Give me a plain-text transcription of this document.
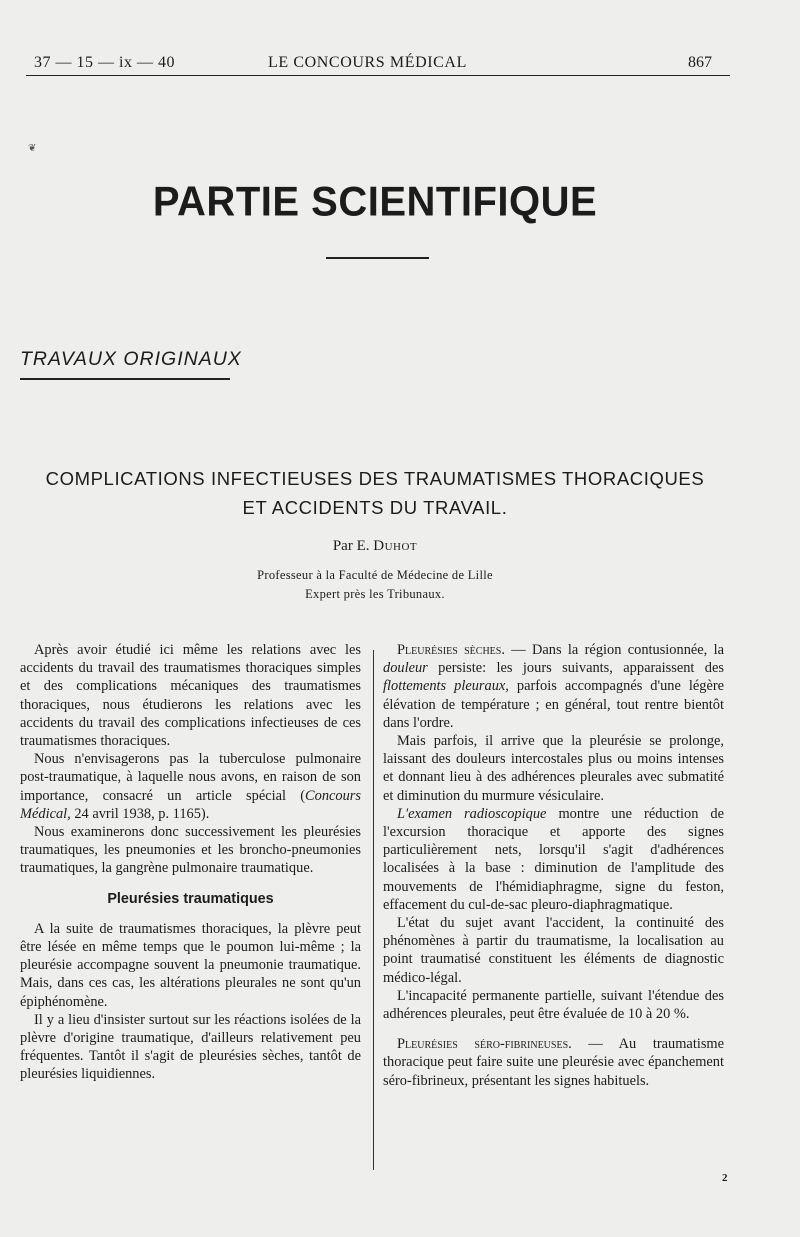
37 — 15 — ix — 40	LE CONCOURS MÉDICAL	867
❦
PARTIE SCIENTIFIQUE
TRAVAUX ORIGINAUX
COMPLICATIONS INFECTIEUSES DES TRAUMATISMES THORACIQUES
ET ACCIDENTS DU TRAVAIL.
Par E. Duhot
Professeur à la Faculté de Médecine de Lille
Expert près les Tribunaux.

Après avoir étudié ici même les relations avec les accidents du travail des traumatismes thoraciques simples et des complications mécaniques des traumatismes thoraciques, nous étudierons les relations avec les accidents du travail des complications infectieuses de ces traumatismes thoraciques.

Nous n'envisagerons pas la tuberculose pulmonaire post-traumatique, à laquelle nous avons, en raison de son importance, consacré un article spécial (Concours Médical, 24 avril 1938, p. 1165).

Nous examinerons donc successivement les pleurésies traumatiques, les pneumonies et les broncho-pneumonies traumatiques, la gangrène pulmonaire traumatique.

Pleurésies traumatiques

A la suite de traumatismes thoraciques, la plèvre peut être lésée en même temps que le poumon lui-même ; la pleurésie accompagne souvent la pneumonie traumatique. Mais, dans ces cas, les altérations pleurales ne sont qu'un épiphénomène.

Il y a lieu d'insister surtout sur les réactions isolées de la plèvre d'origine traumatique, d'ailleurs relativement peu fréquentes. Tantôt il s'agit de pleurésies sèches, tantôt de pleurésies liquidiennes.

Pleurésies sèches. — Dans la région contusionnée, la douleur persiste: les jours suivants, apparaissent des flottements pleuraux, parfois accompagnés d'une légère élévation de température ; en général, tout rentre bientôt dans l'ordre.

Mais parfois, il arrive que la pleurésie se prolonge, laissant des douleurs intercostales plus ou moins intenses et donnant lieu à des adhérences pleurales avec submatité et diminution du murmure vésiculaire.

L'examen radioscopique montre une réduction de l'excursion thoracique et apporte des signes particulièrement nets, lorsqu'il s'agit d'adhérences localisées à la base : diminution de l'amplitude des mouvements de l'hémidiaphragme, signe du feston, effacement du cul-de-sac pleuro-diaphragmatique.

L'état du sujet avant l'accident, la continuité des phénomènes à partir du traumatisme, la localisation au point traumatisé constituent les éléments de diagnostic médico-légal.

L'incapacité permanente partielle, suivant l'étendue des adhérences pleurales, peut être évaluée de 10 à 20 %.

Pleurésies séro-fibrineuses. — Au traumatisme thoracique peut faire suite une pleurésie avec épanchement séro-fibrineux, présentant les signes habituels.

2
